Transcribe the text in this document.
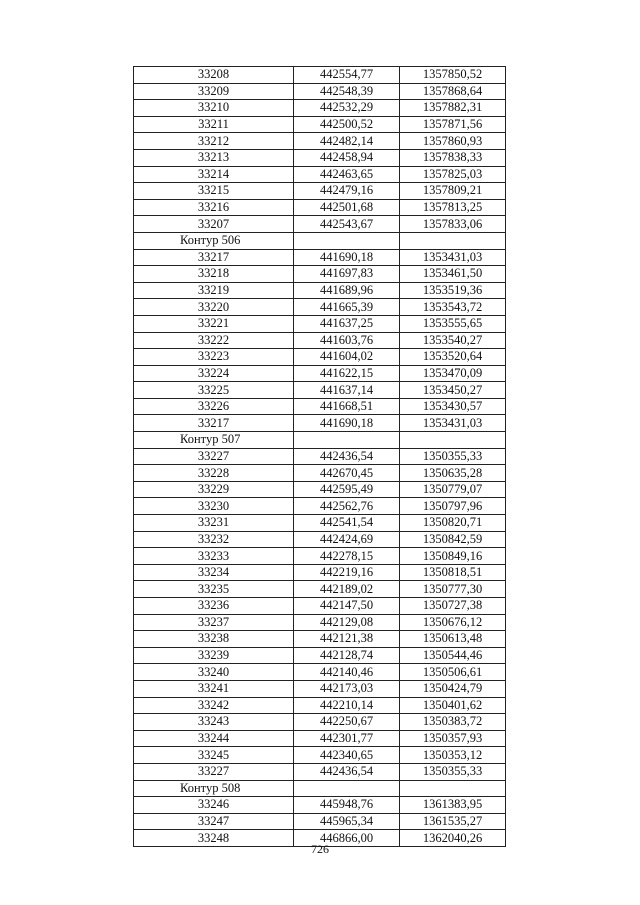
33208	442554,77	1357850,52
33209	442548,39	1357868,64
33210	442532,29	1357882,31
33211	442500,52	1357871,56
33212	442482,14	1357860,93
33213	442458,94	1357838,33
33214	442463,65	1357825,03
33215	442479,16	1357809,21
33216	442501,68	1357813,25
33207	442543,67	1357833,06
Контур 506		
33217	441690,18	1353431,03
33218	441697,83	1353461,50
33219	441689,96	1353519,36
33220	441665,39	1353543,72
33221	441637,25	1353555,65
33222	441603,76	1353540,27
33223	441604,02	1353520,64
33224	441622,15	1353470,09
33225	441637,14	1353450,27
33226	441668,51	1353430,57
33217	441690,18	1353431,03
Контур 507		
33227	442436,54	1350355,33
33228	442670,45	1350635,28
33229	442595,49	1350779,07
33230	442562,76	1350797,96
33231	442541,54	1350820,71
33232	442424,69	1350842,59
33233	442278,15	1350849,16
33234	442219,16	1350818,51
33235	442189,02	1350777,30
33236	442147,50	1350727,38
33237	442129,08	1350676,12
33238	442121,38	1350613,48
33239	442128,74	1350544,46
33240	442140,46	1350506,61
33241	442173,03	1350424,79
33242	442210,14	1350401,62
33243	442250,67	1350383,72
33244	442301,77	1350357,93
33245	442340,65	1350353,12
33227	442436,54	1350355,33
Контур 508		
33246	445948,76	1361383,95
33247	445965,34	1361535,27
33248	446866,00	1362040,26
726
